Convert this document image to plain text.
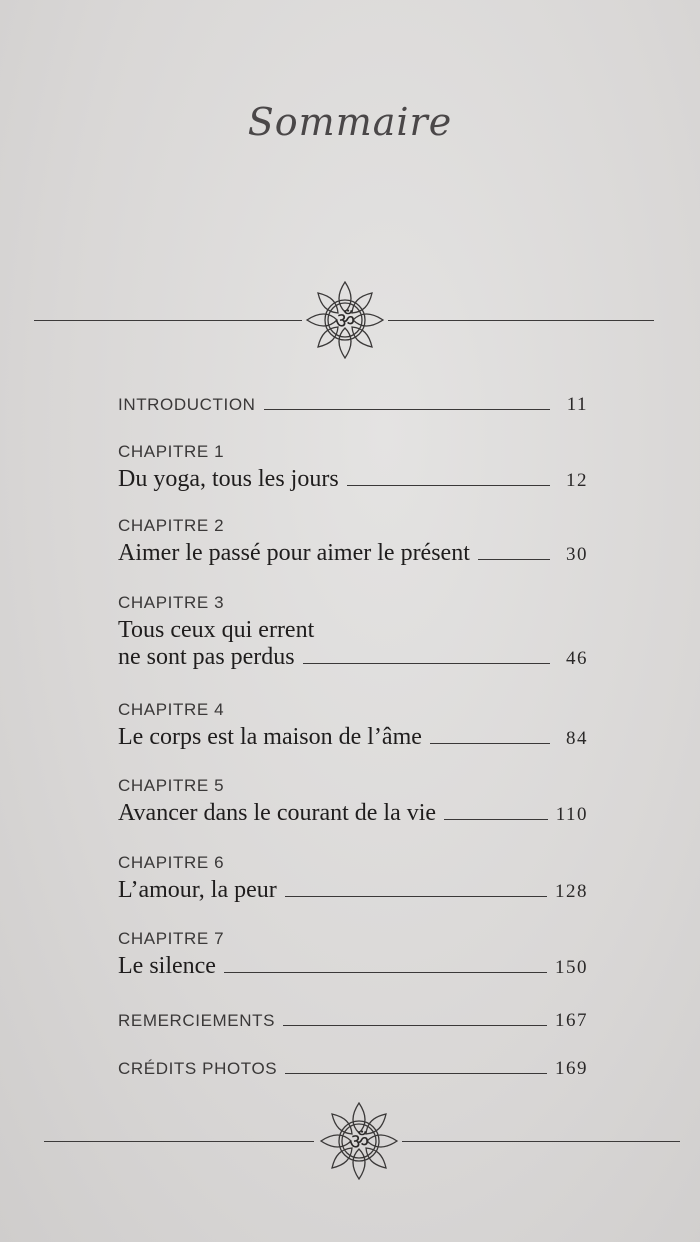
Sommaire
ॐ
INTRODUCTION	11
CHAPITRE 1
Du yoga, tous les jours	12
CHAPITRE 2
Aimer le passé pour aimer le présent	30
CHAPITRE 3
Tous ceux qui errent
ne sont pas perdus	46
CHAPITRE 4
Le corps est la maison de l’âme	84
CHAPITRE 5
Avancer dans le courant de la vie	110
CHAPITRE 6
L’amour, la peur	128
CHAPITRE 7
Le silence	150
REMERCIEMENTS	167
CRÉDITS PHOTOS	169
ॐ
